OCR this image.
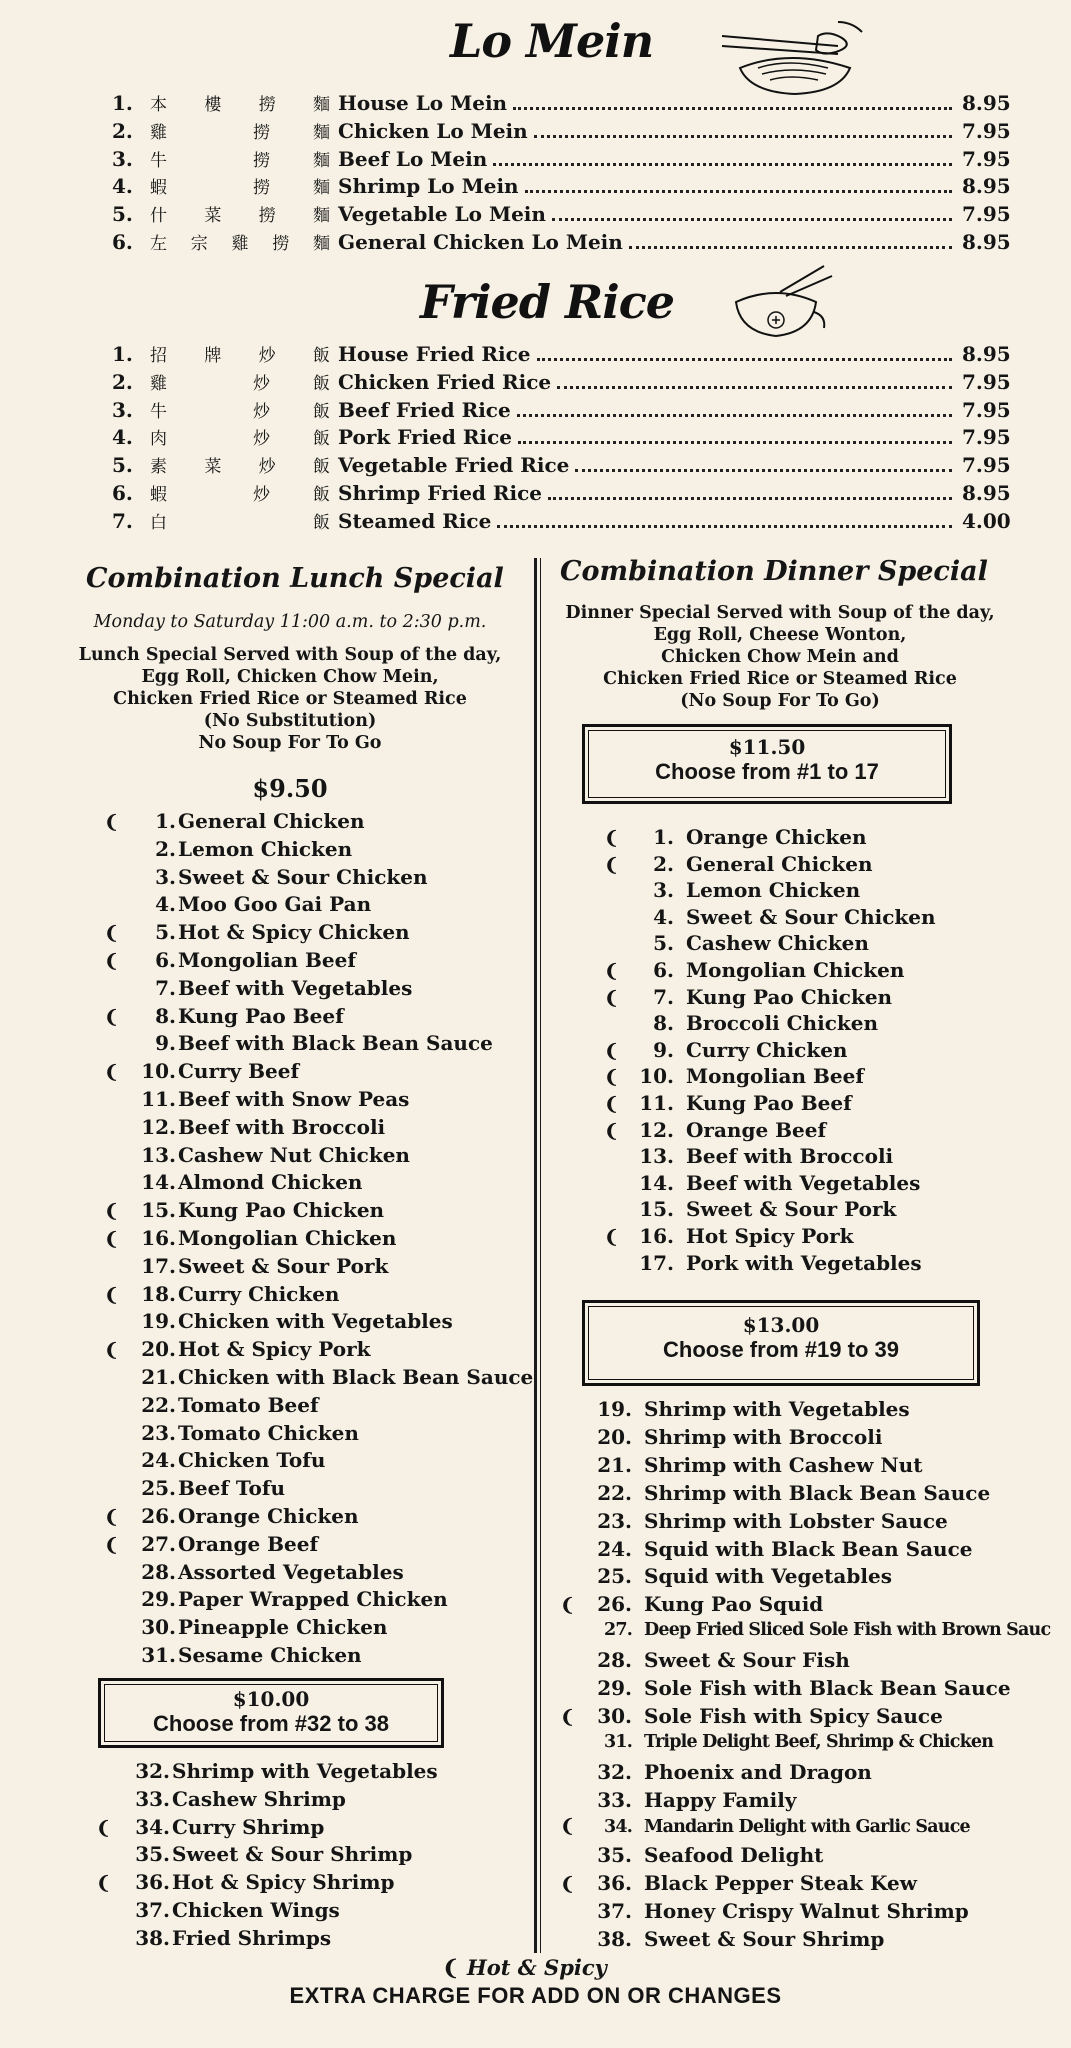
Lo Mein
1.	本 樓 撈 麵 House Lo Mein	8.95
2.	雞	撈	麵 Chicken Lo Mein	7.95
3.	牛	撈	麵 Beef Lo Mein	7.95
4.	蝦	撈	麵 Shrimp Lo Mein	8.95
5.	什 菜 撈 麵 Vegetable Lo Mein	7.95
6.	左 宗 雞 撈 麵 General Chicken Lo Mein	8.95
Fried Rice
1.	招 牌 炒 飯 House Fried Rice	8.95
2.	雞	炒	飯 Chicken Fried Rice	7.95
3.	牛	炒	飯 Beef Fried Rice	7.95
4.	肉	炒	飯 Pork Fried Rice	7.95
5.	素 菜 炒 飯 Vegetable Fried Rice	7.95
6.	蝦	炒	飯 Shrimp Fried Rice	8.95
7.	白	飯 Steamed Rice	4.00
Combination Lunch Special
Monday to Saturday 11:00 a.m. to 2:30 p.m.
Lunch Special Served with Soup of the day,
Egg Roll, Chicken Chow Mein,
Chicken Fried Rice or Steamed Rice
(No Substitution)
No Soup For To Go
$9.50
❨	1. General Chicken
2. Lemon Chicken
3. Sweet & Sour Chicken
4. Moo Goo Gai Pan
❨	5. Hot & Spicy Chicken
❨	6. Mongolian Beef
7. Beef with Vegetables
❨	8. Kung Pao Beef
9. Beef with Black Bean Sauce
❨	10. Curry Beef
11. Beef with Snow Peas
12. Beef with Broccoli
13. Cashew Nut Chicken
14. Almond Chicken
❨	15. Kung Pao Chicken
❨	16. Mongolian Chicken
17. Sweet & Sour Pork
❨	18. Curry Chicken
19. Chicken with Vegetables
❨	20. Hot & Spicy Pork
21. Chicken with Black Bean Sauce
22. Tomato Beef
23. Tomato Chicken
24. Chicken Tofu
25. Beef Tofu
❨	26. Orange Chicken
❨	27. Orange Beef
28. Assorted Vegetables
29. Paper Wrapped Chicken
30. Pineapple Chicken
31. Sesame Chicken
$10.00
Choose from #32 to 38
32. Shrimp with Vegetables
33. Cashew Shrimp
❨	34. Curry Shrimp
35. Sweet & Sour Shrimp
❨	36. Hot & Spicy Shrimp
37. Chicken Wings
38. Fried Shrimps
Combination Dinner Special
Dinner Special Served with Soup of the day,
Egg Roll, Cheese Wonton,
Chicken Chow Mein and
Chicken Fried Rice or Steamed Rice
(No Soup For To Go)
$11.50
Choose from #1 to 17
❨	1. Orange Chicken
❨	2. General Chicken
3. Lemon Chicken
4. Sweet & Sour Chicken
5. Cashew Chicken
❨	6. Mongolian Chicken
❨	7. Kung Pao Chicken
8. Broccoli Chicken
❨	9. Curry Chicken
❨	10. Mongolian Beef
❨	11. Kung Pao Beef
❨	12. Orange Beef
13. Beef with Broccoli
14. Beef with Vegetables
15. Sweet & Sour Pork
❨	16. Hot Spicy Pork
17. Pork with Vegetables
$13.00
Choose from #19 to 39
19. Shrimp with Vegetables
20. Shrimp with Broccoli
21. Shrimp with Cashew Nut
22. Shrimp with Black Bean Sauce
23. Shrimp with Lobster Sauce
24. Squid with Black Bean Sauce
25. Squid with Vegetables
❨	26. Kung Pao Squid
27. Deep Fried Sliced Sole Fish with Brown Sauc
28. Sweet & Sour Fish
29. Sole Fish with Black Bean Sauce
❨	30. Sole Fish with Spicy Sauce
31. Triple Delight Beef, Shrimp & Chicken
32. Phoenix and Dragon
33. Happy Family
❨	34. Mandarin Delight with Garlic Sauce
35. Seafood Delight
❨	36. Black Pepper Steak Kew
37. Honey Crispy Walnut Shrimp
38. Sweet & Sour Shrimp
❨ Hot & Spicy
EXTRA CHARGE FOR ADD ON OR CHANGES
